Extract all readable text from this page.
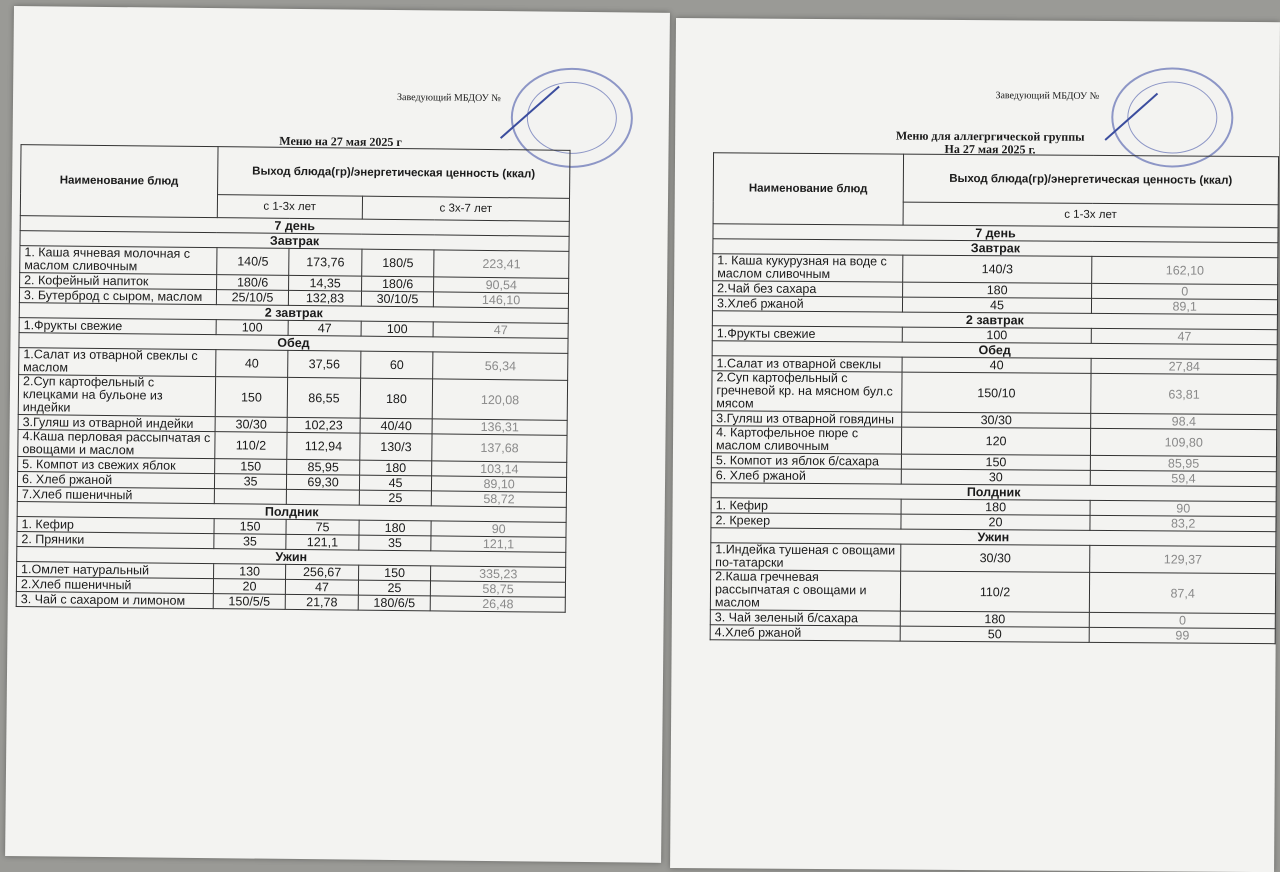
Заведующий МБДОУ №
Меню на 27 мая 2025 г
Наименование блюд	Выход блюда(гр)/энергетическая ценность (ккал)			
	с 1-3х лет		с 3х-7 лет	
7 день				
Завтрак				
1. Каша ячневая молочная с маслом сливочным	140/5	173,76	180/5	223,41
2. Кофейный напиток	180/6	14,35	180/6	90,54
3. Бутерброд с сыром, маслом	25/10/5	132,83	30/10/5	146,10
2 завтрак				
1.Фрукты свежие	100	47	100	47
Обед				
1.Салат из отварной свеклы с маслом	40	37,56	60	56,34
2.Суп картофельный с клецками на бульоне из индейки	150	86,55	180	120,08
3.Гуляш из отварной индейки	30/30	102,23	40/40	136,31
4.Каша перловая рассыпчатая с овощами и маслом	110/2	112,94	130/3	137,68
5. Компот из свежих яблок	150	85,95	180	103,14
6. Хлеб ржаной	35	69,30	45	89,10
7.Хлеб пшеничный			25	58,72
Полдник				
1. Кефир	150	75	180	90
2. Пряники	35	121,1	35	121,1
Ужин				
1.Омлет натуральный	130	256,67	150	335,23
2.Хлеб пшеничный	20	47	25	58,75
3. Чай с сахаром и лимоном	150/5/5	21,78	180/6/5	26,48
Заведующий МБДОУ №
Меню для аллегргической группы
На 27 мая 2025 г.
Наименование блюд	Выход блюда(гр)/энергетическая ценность (ккал)	
	с 1-3х лет	
7 день		
Завтрак		
1. Каша кукурузная на воде с маслом сливочным	140/3	162,10
2.Чай без сахара	180	0
3.Хлеб ржаной	45	89,1
2 завтрак		
1.Фрукты свежие	100	47
Обед		
1.Салат из отварной свеклы	40	27,84
2.Суп картофельный с гречневой кр. на мясном бул.с мясом	150/10	63,81
3.Гуляш из отварной говядины	30/30	98.4
4. Картофельное пюре с маслом сливочным	120	109,80
5. Компот из яблок б/сахара	150	85,95
6. Хлеб ржаной	30	59,4
Полдник		
1. Кефир	180	90
2. Крекер	20	83,2
Ужин		
1.Индейка тушеная с овощами по-татарски	30/30	129,37
2.Каша гречневая рассыпчатая с овощами и маслом	110/2	87,4
3. Чай зеленый б/сахара	180	0
4.Хлеб ржаной	50	99
